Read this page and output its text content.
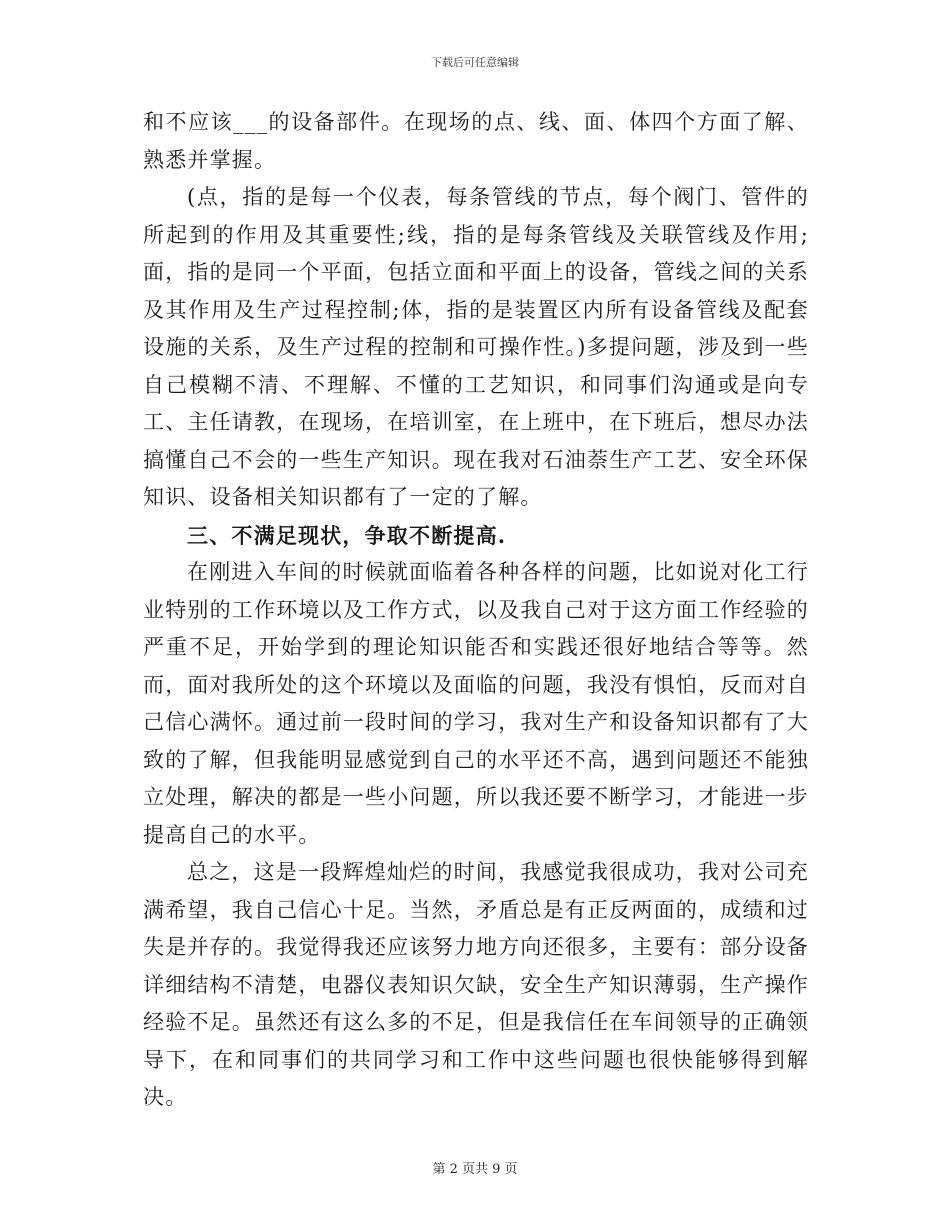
下载后可任意编辑

和不应该___的设备部件。在现场的点、线、面、体四个方面了解、熟悉并掌握。

(点，指的是每一个仪表，每条管线的节点，每个阀门、管件的所起到的作用及其重要性;线，指的是每条管线及关联管线及作用;面，指的是同一个平面，包括立面和平面上的设备，管线之间的关系及其作用及生产过程控制;体，指的是装置区内所有设备管线及配套设施的关系，及生产过程的控制和可操作性。)多提问题，涉及到一些自己模糊不清、不理解、不懂的工艺知识，和同事们沟通或是向专工、主任请教，在现场，在培训室，在上班中，在下班后，想尽办法搞懂自己不会的一些生产知识。现在我对石油萘生产工艺、安全环保知识、设备相关知识都有了一定的了解。

三、不满足现状，争取不断提高.

在刚进入车间的时候就面临着各种各样的问题，比如说对化工行业特别的工作环境以及工作方式，以及我自己对于这方面工作经验的严重不足，开始学到的理论知识能否和实践还很好地结合等等。然而，面对我所处的这个环境以及面临的问题，我没有惧怕，反而对自己信心满怀。通过前一段时间的学习，我对生产和设备知识都有了大致的了解，但我能明显感觉到自己的水平还不高，遇到问题还不能独立处理，解决的都是一些小问题，所以我还要不断学习，才能进一步提高自己的水平。

总之，这是一段辉煌灿烂的时间，我感觉我很成功，我对公司充满希望，我自己信心十足。当然，矛盾总是有正反两面的，成绩和过失是并存的。我觉得我还应该努力地方向还很多，主要有：部分设备详细结构不清楚，电器仪表知识欠缺，安全生产知识薄弱，生产操作经验不足。虽然还有这么多的不足，但是我信任在车间领导的正确领导下，在和同事们的共同学习和工作中这些问题也很快能够得到解决。

第 2 页共 9 页
